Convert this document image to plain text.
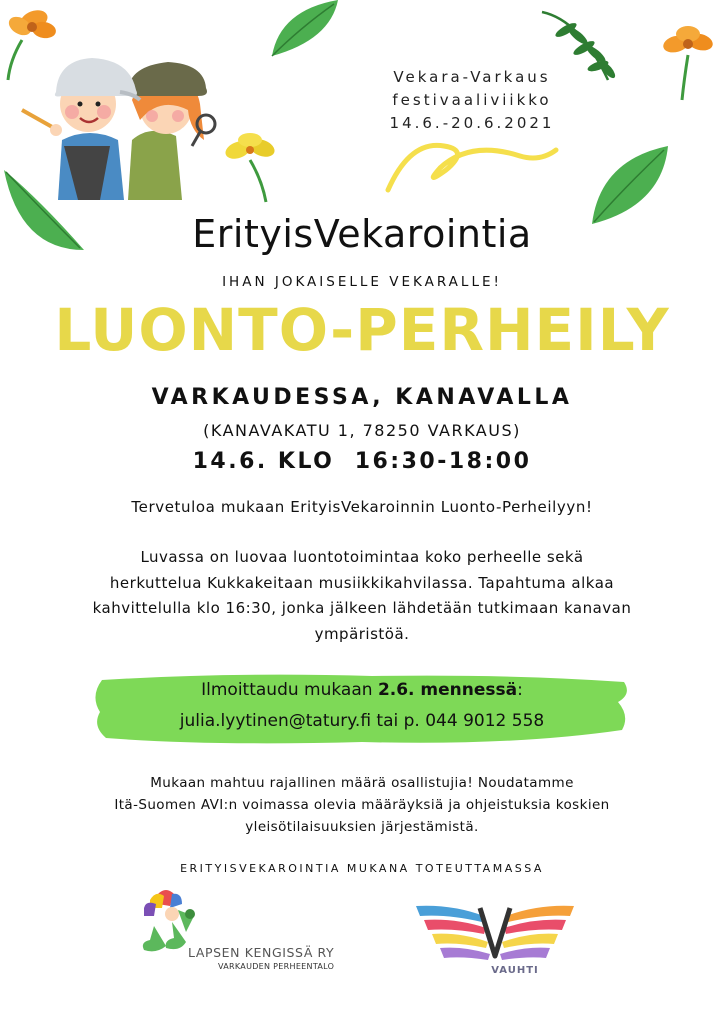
Vekara-Varkaus
festivaaliviikko
14.6.-20.6.2021
ErityisVekarointia
IHAN JOKAISELLE VEKARALLE!
LUONTO-PERHEILY
VARKAUDESSA, KANAVALLA
(KANAVAKATU 1, 78250 VARKAUS)
14.6. KLO  16:30-18:00
Tervetuloa mukaan ErityisVekaroinnin Luonto-Perheilyyn!
Luvassa on luovaa luontotoimintaa koko perheelle sekä herkuttelua Kukkakeitaan musiikkikahvilassa. Tapahtuma alkaa kahvittelulla klo 16:30, jonka jälkeen lähdetään tutkimaan kanavan ympäristöä.
Ilmoittaudu mukaan 2.6. mennessä:
julia.lyytinen@tatury.fi tai p. 044 9012 558
Mukaan mahtuu rajallinen määrä osallistujia! Noudatamme
Itä-Suomen AVI:n voimassa olevia määräyksiä ja ohjeistuksia koskien
yleisötilaisuuksien järjestämistä.
ERITYISVEKAROINTIA MUKANA TOTEUTTAMASSA
LAPSEN KENGISSÄ RY
VARKAUDEN PERHEENTALO	VAUHTI
